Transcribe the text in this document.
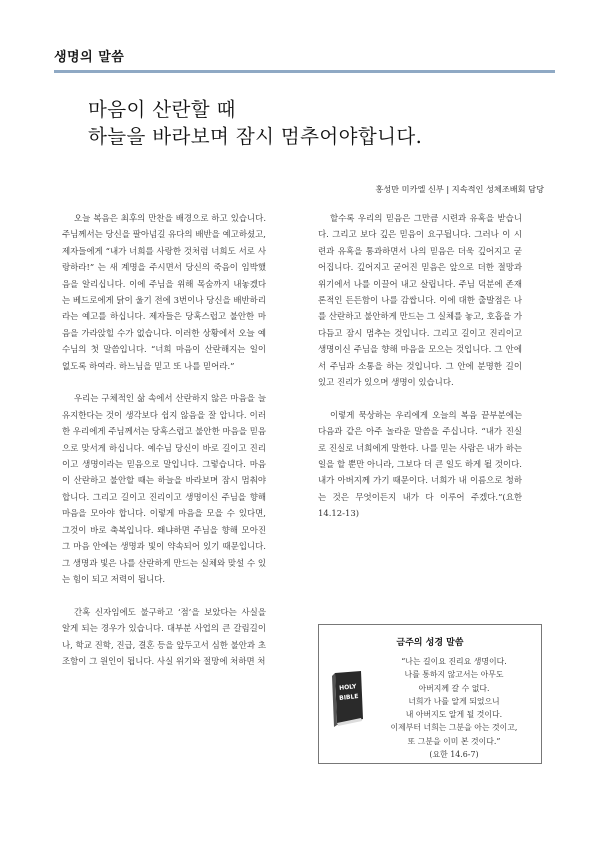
생명의 말씀
마음이 산란할 때
하늘을 바라보며 잠시 멈추어야합니다.
홍성만 미카엘 신부 | 지속적인 성체조배회 담당

오늘 복음은 최후의 만찬을 배경으로 하고 있습니다. 주님께서는 당신을 팔아넘길 유다의 배반을 예고하셨고, 제자들에게 “내가 너희를 사랑한 것처럼 너희도 서로 사랑하라!” 는 새 계명을 주시면서 당신의 죽음이 임박했음을 알리십니다. 이에 주님을 위해 목숨까지 내놓겠다는 베드로에게 닭이 울기 전에 3번이나 당신을 배반하리라는 예고를 하십니다. 제자들은 당혹스럽고 불안한 마음을 가라앉힐 수가 없습니다. 이러한 상황에서 오늘 예수님의 첫 말씀입니다. “너희 마음이 산란해지는 일이 없도록 하여라. 하느님을 믿고 또 나를 믿어라.”

우리는 구체적인 삶 속에서 산란하지 않은 마음을 늘 유지한다는 것이 생각보다 쉽지 않음을 잘 압니다. 이러한 우리에게 주님께서는 당혹스럽고 불안한 마음을 믿음으로 맞서게 하십니다. 예수님 당신이 바로 길이고 진리이고 생명이라는 믿음으로 말입니다. 그렇습니다. 마음이 산란하고 불안할 때는 하늘을 바라보며 잠시 멈춰야 합니다. 그리고 길이고 진리이고 생명이신 주님을 향해 마음을 모아야 합니다. 이렇게 마음을 모을 수 있다면, 그것이 바로 축복입니다. 왜냐하면 주님을 향해 모아진 그 마음 안에는 생명과 빛이 약속되어 있기 때문입니다. 그 생명과 빛은 나를 산란하게 만드는 실체와 맞설 수 있는 힘이 되고 저력이 됩니다.

간혹 신자임에도 불구하고 ‘점’을 보았다는 사실을 알게 되는 경우가 있습니다. 대부분 사업의 큰 갈림길이나, 학교 진학, 진급, 결혼 등을 앞두고서 심한 불안과 초조함이 그 원인이 됩니다. 사실 위기와 절망에 처하면 처

할수록 우리의 믿음은 그만큼 시련과 유혹을 받습니다. 그리고 보다 깊은 믿음이 요구됩니다. 그러나 이 시련과 유혹을 통과하면서 나의 믿음은 더욱 깊어지고 굳어집니다. 깊어지고 굳어진 믿음은 앞으로 더한 절망과 위기에서 나를 이끌어 내고 살립니다. 주님 덕분에 존재론적인 든든함이 나를 감쌉니다. 이에 대한 출발점은 나를 산란하고 불안하게 만드는 그 실체를 놓고, 호흡을 가다듬고 잠시 멈추는 것입니다. 그리고 길이고 진리이고 생명이신 주님을 향해 마음을 모으는 것입니다. 그 안에서 주님과 소통을 하는 것입니다. 그 안에 분명한 길이 있고 진리가 있으며 생명이 있습니다.

이렇게 묵상하는 우리에게 오늘의 복음 끝부분에는 다음과 같은 아주 놀라운 말씀을 주십니다. “내가 진실로 진실로 너희에게 말한다. 나를 믿는 사람은 내가 하는 일을 할 뿐만 아니라, 그보다 더 큰 일도 하게 될 것이다. 내가 아버지께 가기 때문이다. 너희가 내 이름으로 청하는 것은 무엇이든지 내가 다 이루어 주겠다.”(요한 14.12-13)

금주의 성경 말씀
HOLY
BIBLE
“나는 길이요 진리요 생명이다.
나를 통하지 않고서는 아무도
아버지께 갈 수 없다.
너희가 나를 알게 되었으니
내 아버지도 알게 될 것이다.
이제부터 너희는 그분을 아는 것이고,
또 그분을 이미 본 것이다.”
(요한 14.6-7)
